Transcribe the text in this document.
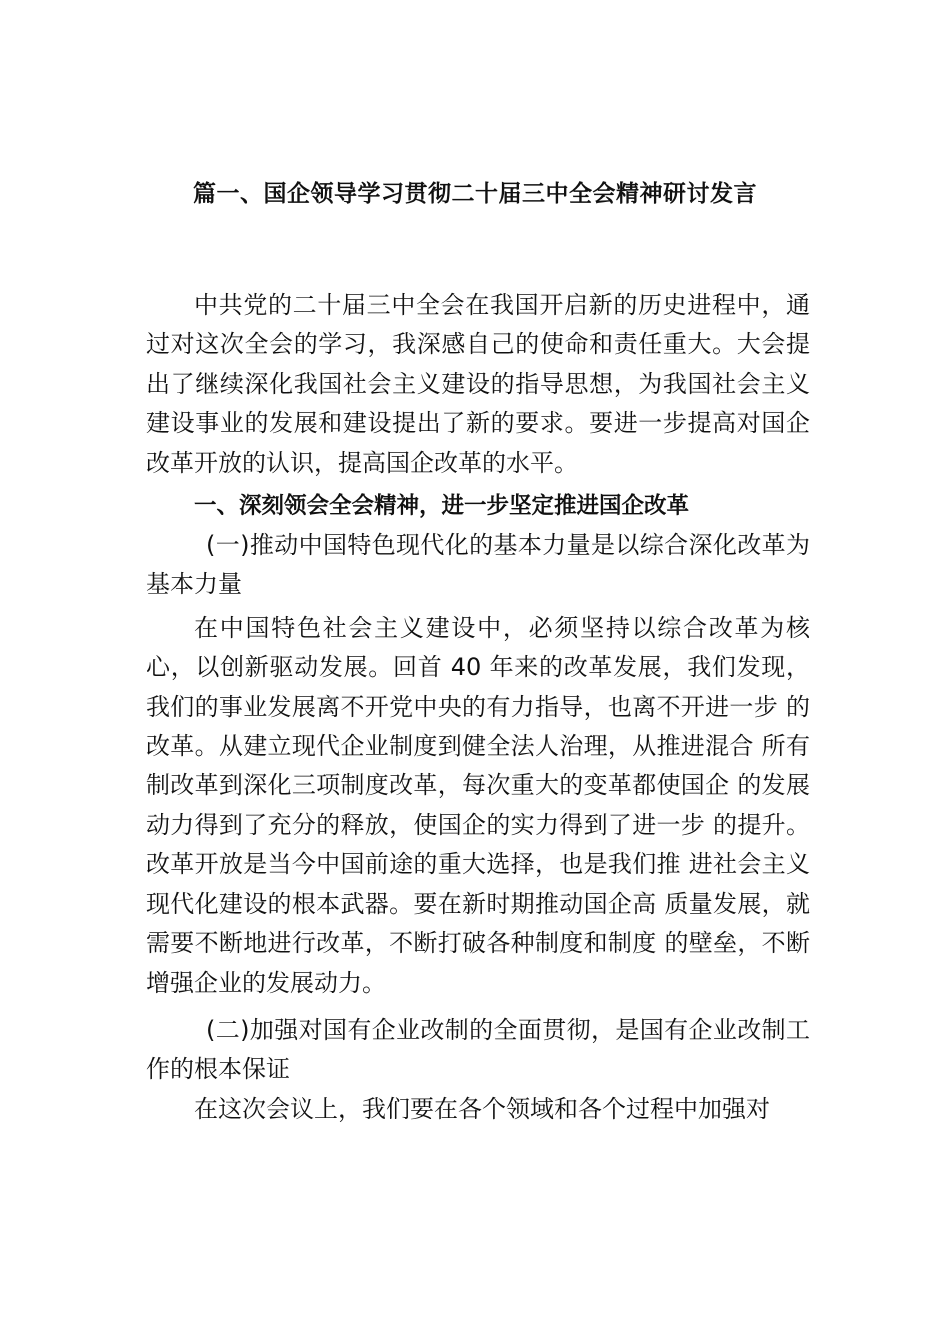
篇一、国企领导学习贯彻二十届三中全会精神研讨发言

中共党的二十届三中全会在我国开启新的历史进程中，通过对这次全会的学习，我深感自己的使命和责任重大。大会提出了继续深化我国社会主义建设的指导思想，为我国社会主义建设事业的发展和建设提出了新的要求。要进一步提高对国企改革开放的认识，提高国企改革的水平。

一、深刻领会全会精神，进一步坚定推进国企改革

(一)推动中国特色现代化的基本力量是以综合深化改革为基本力量

在中国特色社会主义建设中，必须坚持以综合改革为核心，以创新驱动发展。回首 40 年来的改革发展，我们发现， 我们的事业发展离不开党中央的有力指导，也离不开进一步 的改革。从建立现代企业制度到健全法人治理，从推进混合 所有制改革到深化三项制度改革，每次重大的变革都使国企 的发展动力得到了充分的释放，使国企的实力得到了进一步 的提升。改革开放是当今中国前途的重大选择，也是我们推 进社会主义现代化建设的根本武器。要在新时期推动国企高 质量发展，就需要不断地进行改革，不断打破各种制度和制度 的壁垒，不断增强企业的发展动力。

(二)加强对国有企业改制的全面贯彻，是国有企业改制工作的根本保证

在这次会议上，我们要在各个领域和各个过程中加强对
